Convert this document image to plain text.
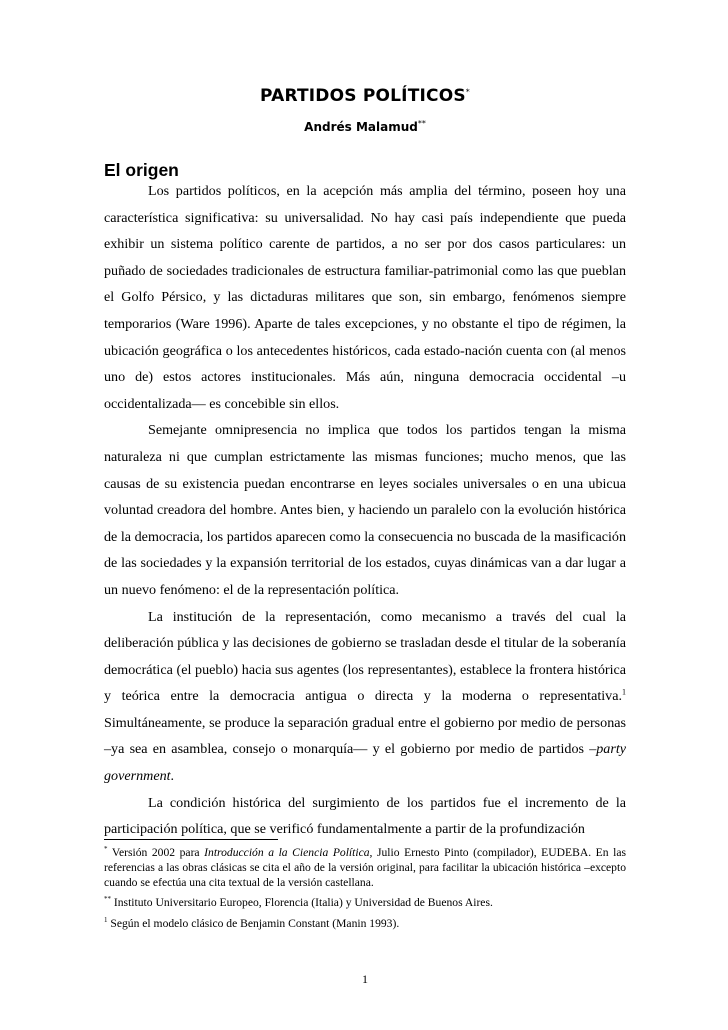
PARTIDOS POLÍTICOS*
Andrés Malamud**
El origen

Los partidos políticos, en la acepción más amplia del término, poseen hoy una característica significativa: su universalidad. No hay casi país independiente que pueda exhibir un sistema político carente de partidos, a no ser por dos casos particulares: un puñado de sociedades tradicionales de estructura familiar-patrimonial como las que pueblan el Golfo Pérsico, y las dictaduras militares que son, sin embargo, fenómenos siempre temporarios (Ware 1996). Aparte de tales excepciones, y no obstante el tipo de régimen, la ubicación geográfica o los antecedentes históricos, cada estado-nación cuenta con (al menos uno de) estos actores institucionales. Más aún, ninguna democracia occidental –u occidentalizada— es concebible sin ellos.

Semejante omnipresencia no implica que todos los partidos tengan la misma naturaleza ni que cumplan estrictamente las mismas funciones; mucho menos, que las causas de su existencia puedan encontrarse en leyes sociales universales o en una ubicua voluntad creadora del hombre. Antes bien, y haciendo un paralelo con la evolución histórica de la democracia, los partidos aparecen como la consecuencia no buscada de la masificación de las sociedades y la expansión territorial de los estados, cuyas dinámicas van a dar lugar a un nuevo fenómeno: el de la representación política.

La institución de la representación, como mecanismo a través del cual la deliberación pública y las decisiones de gobierno se trasladan desde el titular de la soberanía democrática (el pueblo) hacia sus agentes (los representantes), establece la frontera histórica y teórica entre la democracia antigua o directa y la moderna o representativa.$^1$ Simultáneamente, se produce la separación gradual entre el gobierno por medio de personas –ya sea en asamblea, consejo o monarquía— y el gobierno por medio de partidos –party government.

La condición histórica del surgimiento de los partidos fue el incremento de la participación política, que se verificó fundamentalmente a partir de la profundización

* Versión 2002 para Introducción a la Ciencia Política, Julio Ernesto Pinto (compilador), EUDEBA. En las referencias a las obras clásicas se cita el año de la versión original, para facilitar la ubicación histórica –excepto cuando se efectúa una cita textual de la versión castellana.

** Instituto Universitario Europeo, Florencia (Italia) y Universidad de Buenos Aires.

$^1$ Según el modelo clásico de Benjamin Constant (Manin 1993).

1
